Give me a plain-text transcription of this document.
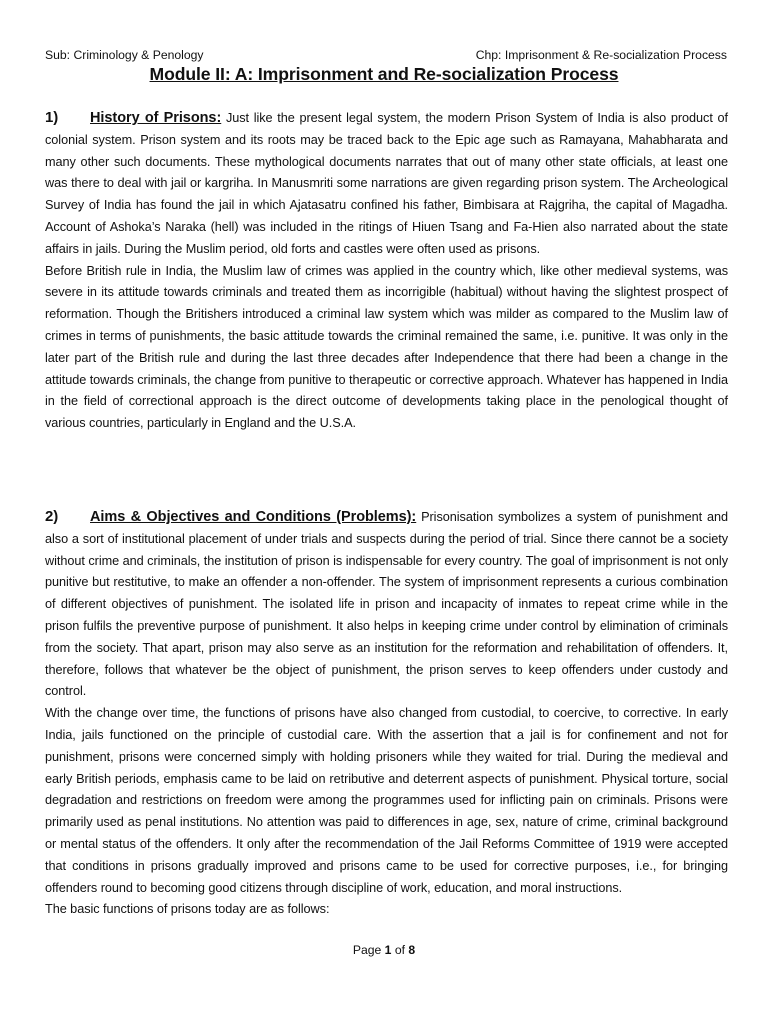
Sub: Criminology & Penology	Chp: Imprisonment & Re-socialization Process
Module II: A: Imprisonment and Re-socialization Process

1) History of Prisons: Just like the present legal system, the modern Prison System of India is also product of colonial system. Prison system and its roots may be traced back to the Epic age such as Ramayana, Mahabharata and many other such documents. These mythological documents narrates that out of many other state officials, at least one was there to deal with jail or kargriha. In Manusmriti some narrations are given regarding prison system. The Archeological Survey of India has found the jail in which Ajatasatru confined his father, Bimbisara at Rajgriha, the capital of Magadha. Account of Ashoka’s Naraka (hell) was included in the ritings of Hiuen Tsang and Fa-Hien also narrated about the state affairs in jails. During the Muslim period, old forts and castles were often used as prisons.

Before British rule in India, the Muslim law of crimes was applied in the country which, like other medieval systems, was severe in its attitude towards criminals and treated them as incorrigible (habitual) without having the slightest prospect of reformation. Though the Britishers introduced a criminal law system which was milder as compared to the Muslim law of crimes in terms of punishments, the basic attitude towards the criminal remained the same, i.e. punitive. It was only in the later part of the British rule and during the last three decades after Independence that there had been a change in the attitude towards criminals, the change from punitive to therapeutic or corrective approach. Whatever has happened in India in the field of correctional approach is the direct outcome of developments taking place in the penological thought of various countries, particularly in England and the U.S.A.

2) Aims & Objectives and Conditions (Problems): Prisonisation symbolizes a system of punishment and also a sort of institutional placement of under trials and suspects during the period of trial. Since there cannot be a society without crime and criminals, the institution of prison is indispensable for every country. The goal of imprisonment is not only punitive but restitutive, to make an offender a non-offender. The system of imprisonment represents a curious combination of different objectives of punishment. The isolated life in prison and incapacity of inmates to repeat crime while in the prison fulfils the preventive purpose of punishment. It also helps in keeping crime under control by elimination of criminals from the society. That apart, prison may also serve as an institution for the reformation and rehabilitation of offenders. It, therefore, follows that whatever be the object of punishment, the prison serves to keep offenders under custody and control.

With the change over time, the functions of prisons have also changed from custodial, to coercive, to corrective. In early India, jails functioned on the principle of custodial care. With the assertion that a jail is for confinement and not for punishment, prisons were concerned simply with holding prisoners while they waited for trial. During the medieval and early British periods, emphasis came to be laid on retributive and deterrent aspects of punishment. Physical torture, social degradation and restrictions on freedom were among the programmes used for inflicting pain on criminals. Prisons were primarily used as penal institutions. No attention was paid to differences in age, sex, nature of crime, criminal background or mental status of the offenders. It only after the recommendation of the Jail Reforms Committee of 1919 were accepted that conditions in prisons gradually improved and prisons came to be used for corrective purposes, i.e., for bringing offenders round to becoming good citizens through discipline of work, education, and moral instructions.

The basic functions of prisons today are as follows:

Page 1 of 8
